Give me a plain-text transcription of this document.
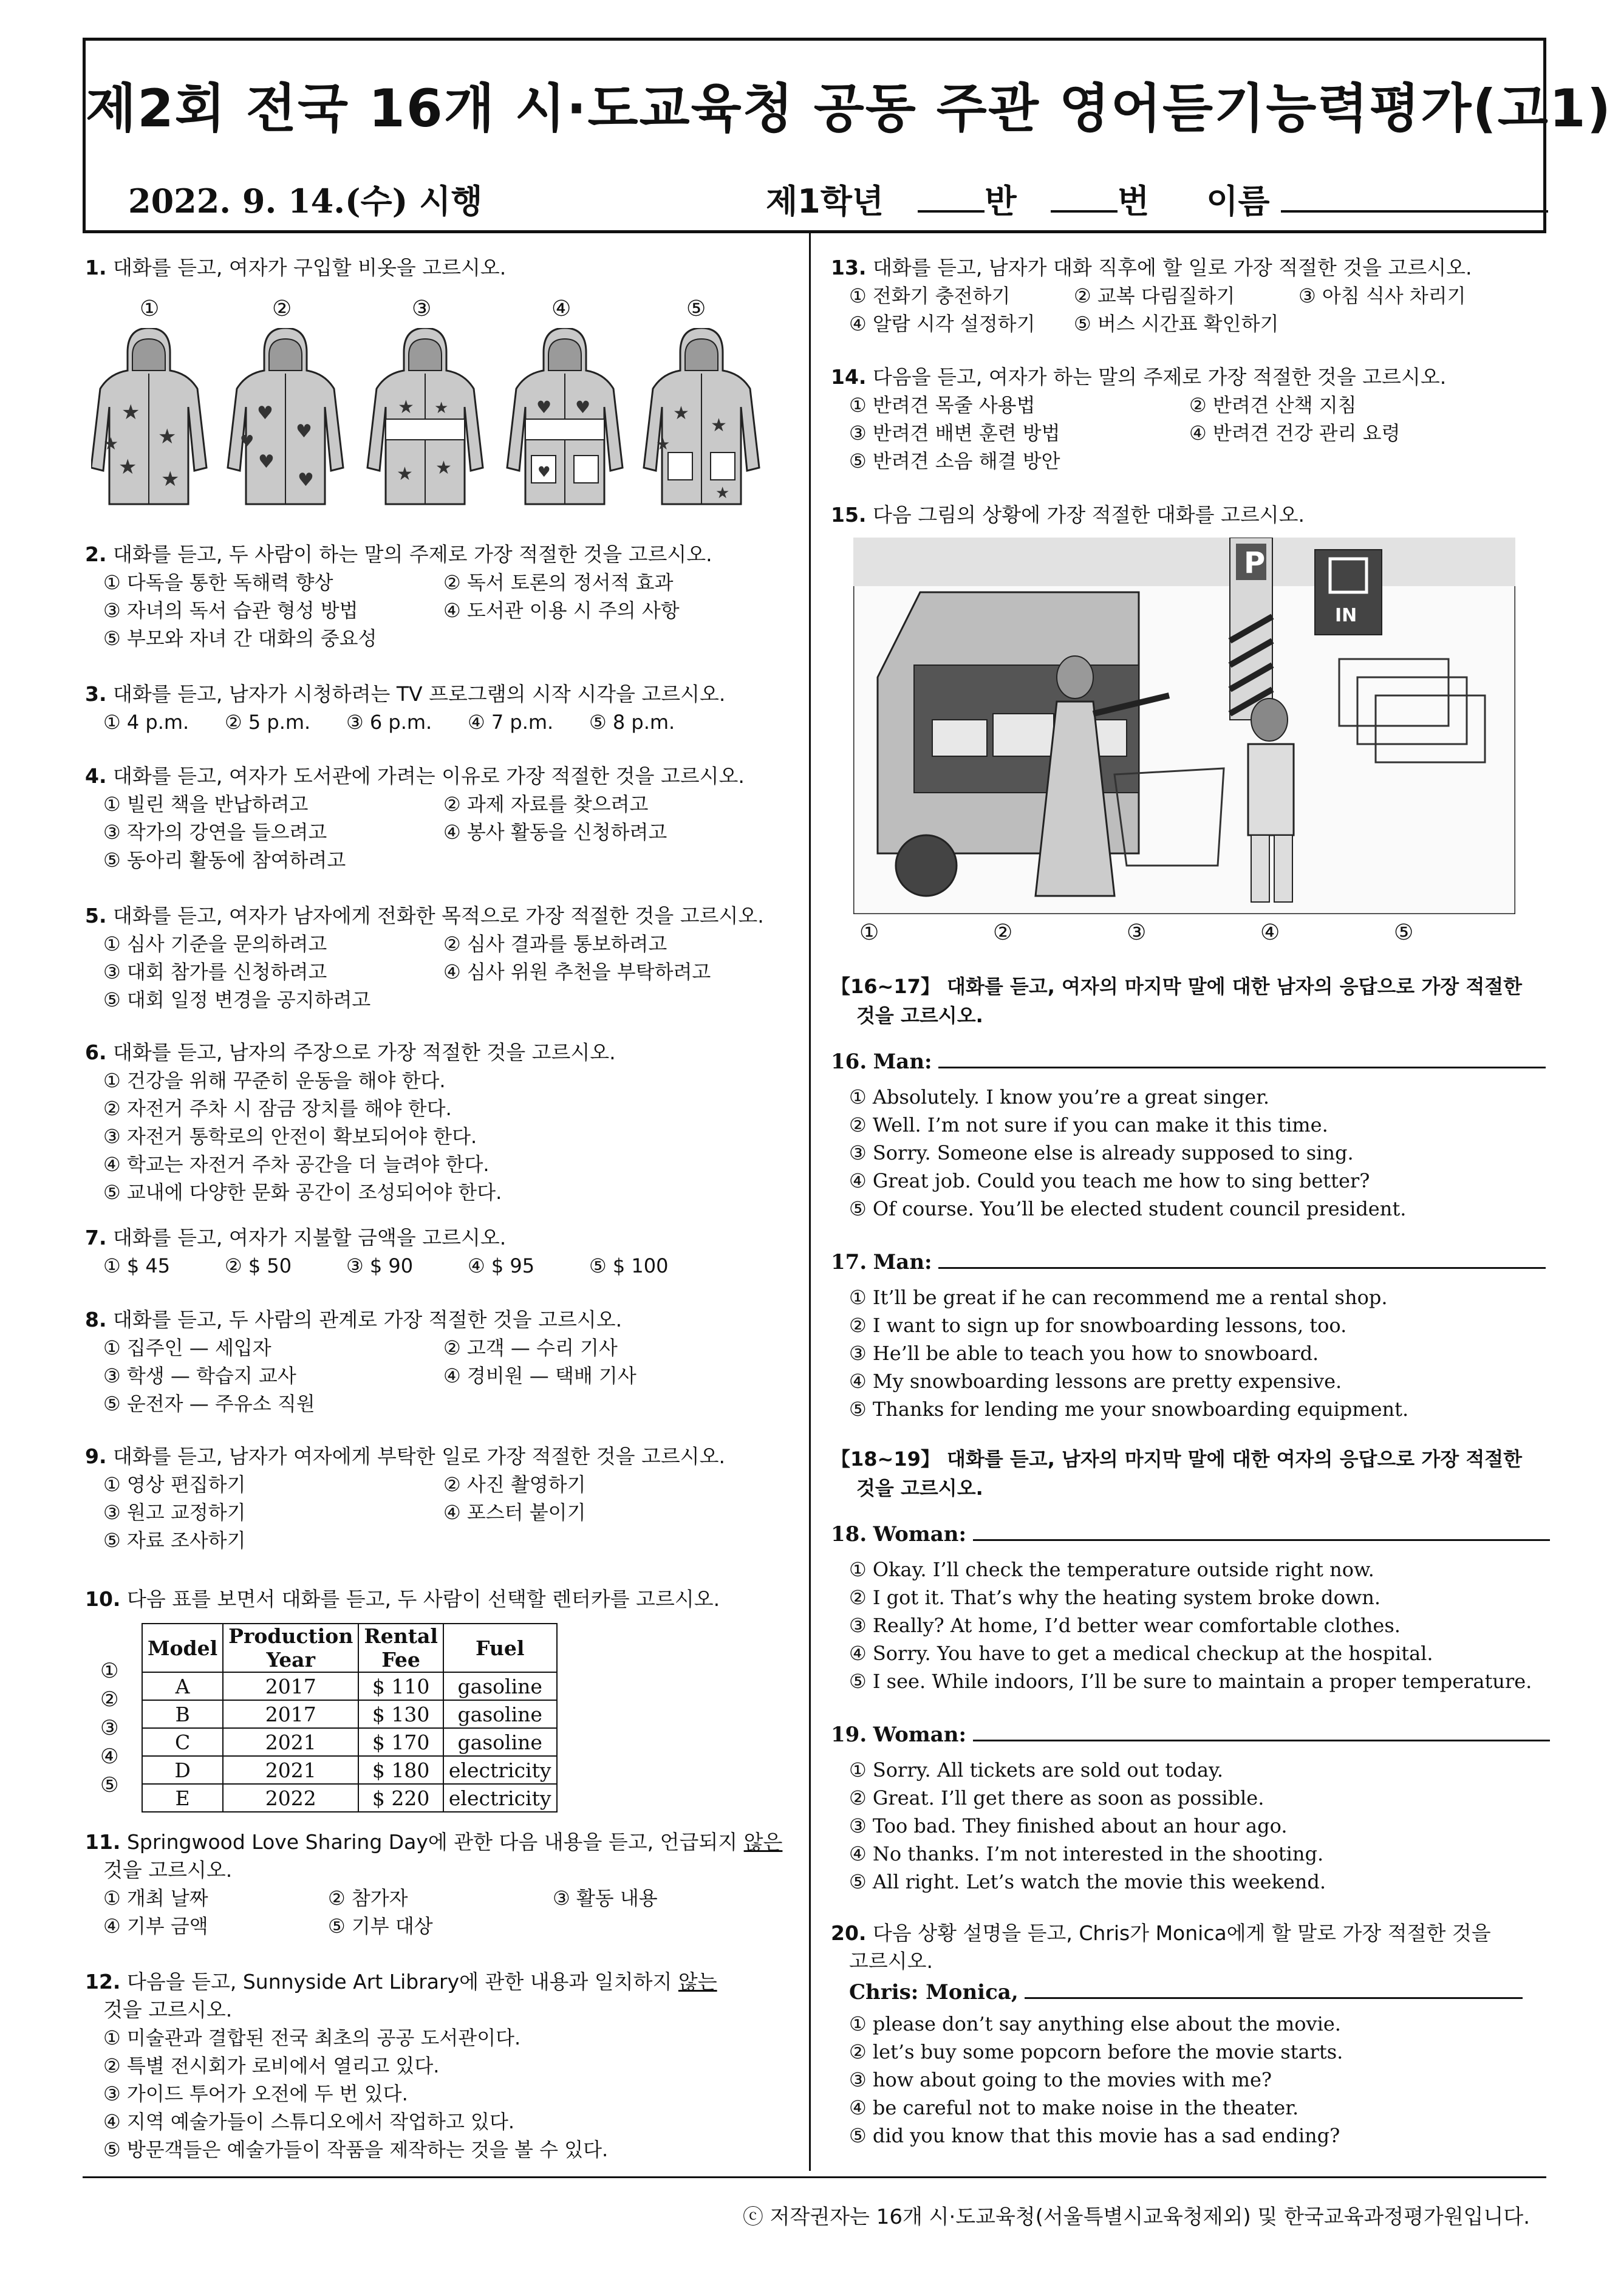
제2회 전국 16개 시·도교육청 공동 주관 영어듣기능력평가(고1)
2022. 9. 14.(수) 시행	제1학년	반	번 이름
1. 대화를 듣고, 여자가 구입할 비옷을 고르시오.
①	②	③	④	⑤
★
★
★ ★
★
♥
♥
♥
♥
♥
★
★
★
★	♥ ♥
♥
★
★
★
★
2. 대화를 듣고, 두 사람이 하는 말의 주제로 가장 적절한 것을 고르시오.
① 다독을 통한 독해력 향상	② 독서 토론의 정서적 효과
③ 자녀의 독서 습관 형성 방법	④ 도서관 이용 시 주의 사항
⑤ 부모와 자녀 간 대화의 중요성
3. 대화를 듣고, 남자가 시청하려는 TV 프로그램의 시작 시각을 고르시오.
① 4 p.m.	② 5 p.m.	③ 6 p.m.	④ 7 p.m.	⑤ 8 p.m.
4. 대화를 듣고, 여자가 도서관에 가려는 이유로 가장 적절한 것을 고르시오.
① 빌린 책을 반납하려고	② 과제 자료를 찾으려고
③ 작가의 강연을 들으려고	④ 봉사 활동을 신청하려고
⑤ 동아리 활동에 참여하려고
5. 대화를 듣고, 여자가 남자에게 전화한 목적으로 가장 적절한 것을 고르시오.
① 심사 기준을 문의하려고	② 심사 결과를 통보하려고
③ 대회 참가를 신청하려고	④ 심사 위원 추천을 부탁하려고
⑤ 대회 일정 변경을 공지하려고
6. 대화를 듣고, 남자의 주장으로 가장 적절한 것을 고르시오.
① 건강을 위해 꾸준히 운동을 해야 한다.
② 자전거 주차 시 잠금 장치를 해야 한다.
③ 자전거 통학로의 안전이 확보되어야 한다.
④ 학교는 자전거 주차 공간을 더 늘려야 한다.
⑤ 교내에 다양한 문화 공간이 조성되어야 한다.
7. 대화를 듣고, 여자가 지불할 금액을 고르시오.
① $ 45	② $ 50	③ $ 90	④ $ 95	⑤ $ 100
8. 대화를 듣고, 두 사람의 관계로 가장 적절한 것을 고르시오.
① 집주인 — 세입자	② 고객 — 수리 기사
③ 학생 — 학습지 교사	④ 경비원 — 택배 기사
⑤ 운전자 — 주유소 직원
9. 대화를 듣고, 남자가 여자에게 부탁한 일로 가장 적절한 것을 고르시오.
① 영상 편집하기	② 사진 촬영하기
③ 원고 교정하기	④ 포스터 붙이기
⑤ 자료 조사하기
10. 다음 표를 보면서 대화를 듣고, 두 사람이 선택할 렌터카를 고르시오.
①
②
③
④
⑤
Model	Production Year	Rental Fee	Fuel
A	2017	$ 110	gasoline
B	2017	$ 130	gasoline
C	2021	$ 170	gasoline
D	2021	$ 180	electricity
E	2022	$ 220	electricity
11. Springwood Love Sharing Day에 관한 다음 내용을 듣고, 언급되지 않은
것을 고르시오.
① 개최 날짜	② 참가자	③ 활동 내용
④ 기부 금액	⑤ 기부 대상
12. 다음을 듣고, Sunnyside Art Library에 관한 내용과 일치하지 않는
것을 고르시오.
① 미술관과 결합된 전국 최초의 공공 도서관이다.
② 특별 전시회가 로비에서 열리고 있다.
③ 가이드 투어가 오전에 두 번 있다.
④ 지역 예술가들이 스튜디오에서 작업하고 있다.
⑤ 방문객들은 예술가들이 작품을 제작하는 것을 볼 수 있다.
13. 대화를 듣고, 남자가 대화 직후에 할 일로 가장 적절한 것을 고르시오.
① 전화기 충전하기	② 교복 다림질하기	③ 아침 식사 차리기
④ 알람 시각 설정하기	⑤ 버스 시간표 확인하기
14. 다음을 듣고, 여자가 하는 말의 주제로 가장 적절한 것을 고르시오.
① 반려견 목줄 사용법	② 반려견 산책 지침
③ 반려견 배변 훈련 방법	④ 반려견 건강 관리 요령
⑤ 반려견 소음 해결 방안
15. 다음 그림의 상황에 가장 적절한 대화를 고르시오.
P
IN
①	②	③	④	⑤
【16~17】 대화를 듣고, 여자의 마지막 말에 대한 남자의 응답으로 가장 적절한
것을 고르시오.
16. Man:
① Absolutely. I know you’re a great singer.
② Well. I’m not sure if you can make it this time.
③ Sorry. Someone else is already supposed to sing.
④ Great job. Could you teach me how to sing better?
⑤ Of course. You’ll be elected student council president.
17. Man:
① It’ll be great if he can recommend me a rental shop.
② I want to sign up for snowboarding lessons, too.
③ He’ll be able to teach you how to snowboard.
④ My snowboarding lessons are pretty expensive.
⑤ Thanks for lending me your snowboarding equipment.
【18~19】 대화를 듣고, 남자의 마지막 말에 대한 여자의 응답으로 가장 적절한
것을 고르시오.
18. Woman:
① Okay. I’ll check the temperature outside right now.
② I got it. That’s why the heating system broke down.
③ Really? At home, I’d better wear comfortable clothes.
④ Sorry. You have to get a medical checkup at the hospital.
⑤ I see. While indoors, I’ll be sure to maintain a proper temperature.
19. Woman:
① Sorry. All tickets are sold out today.
② Great. I’ll get there as soon as possible.
③ Too bad. They finished about an hour ago.
④ No thanks. I’m not interested in the shooting.
⑤ All right. Let’s watch the movie this weekend.
20. 다음 상황 설명을 듣고, Chris가 Monica에게 할 말로 가장 적절한 것을
고르시오.
Chris: Monica,
① please don’t say anything else about the movie.
② let’s buy some popcorn before the movie starts.
③ how about going to the movies with me?
④ be careful not to make noise in the theater.
⑤ did you know that this movie has a sad ending?
ⓒ 저작권자는 16개 시·도교육청(서울특별시교육청제외) 및 한국교육과정평가원입니다.
